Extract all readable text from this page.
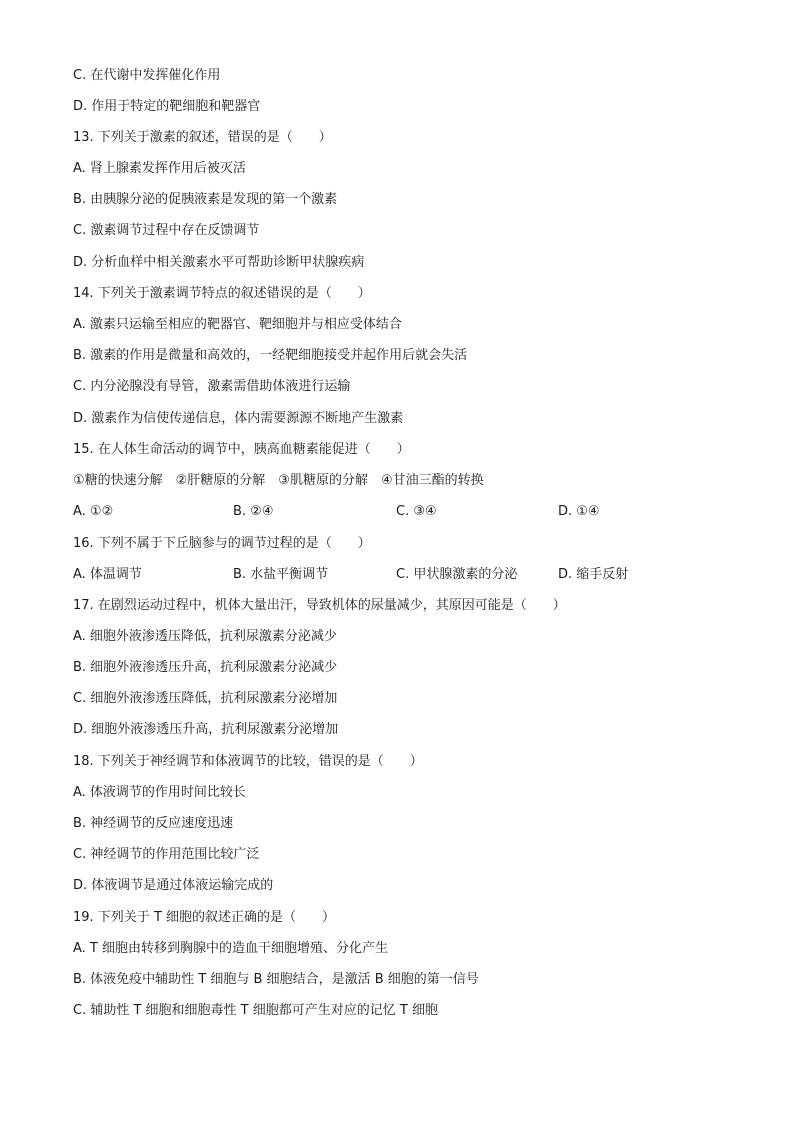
C. 在代谢中发挥催化作用
D. 作用于特定的靶细胞和靶器官
13. 下列关于激素的叙述，错误的是（　　）
A. 肾上腺素发挥作用后被灭活
B. 由胰腺分泌的促胰液素是发现的第一个激素
C. 激素调节过程中存在反馈调节
D. 分析血样中相关激素水平可帮助诊断甲状腺疾病
14. 下列关于激素调节特点的叙述错误的是（　　）
A. 激素只运输至相应的靶器官、靶细胞并与相应受体结合
B. 激素的作用是微量和高效的，一经靶细胞接受并起作用后就会失活
C. 内分泌腺没有导管，激素需借助体液进行运输
D. 激素作为信使传递信息，体内需要源源不断地产生激素
15. 在人体生命活动的调节中，胰高血糖素能促进（　　）
①糖的快速分解　②肝糖原的分解　③肌糖原的分解　④甘油三酯的转换
A. ①②	B. ②④	C. ③④	D. ①④
16. 下列不属于下丘脑参与的调节过程的是（　　）
A. 体温调节	B. 水盐平衡调节	C. 甲状腺激素的分泌	D. 缩手反射
17. 在剧烈运动过程中，机体大量出汗，导致机体的尿量减少，其原因可能是（　　）
A. 细胞外液渗透压降低，抗利尿激素分泌减少
B. 细胞外液渗透压升高，抗利尿激素分泌减少
C. 细胞外液渗透压降低，抗利尿激素分泌增加
D. 细胞外液渗透压升高，抗利尿激素分泌增加
18. 下列关于神经调节和体液调节的比较，错误的是（　　）
A. 体液调节的作用时间比较长
B. 神经调节的反应速度迅速
C. 神经调节的作用范围比较广泛
D. 体液调节是通过体液运输完成的
19. 下列关于 T 细胞的叙述正确的是（　　）
A. T 细胞由转移到胸腺中的造血干细胞增殖、分化产生
B. 体液免疫中辅助性 T 细胞与 B 细胞结合，是激活 B 细胞的第一信号
C. 辅助性 T 细胞和细胞毒性 T 细胞都可产生对应的记忆 T 细胞
